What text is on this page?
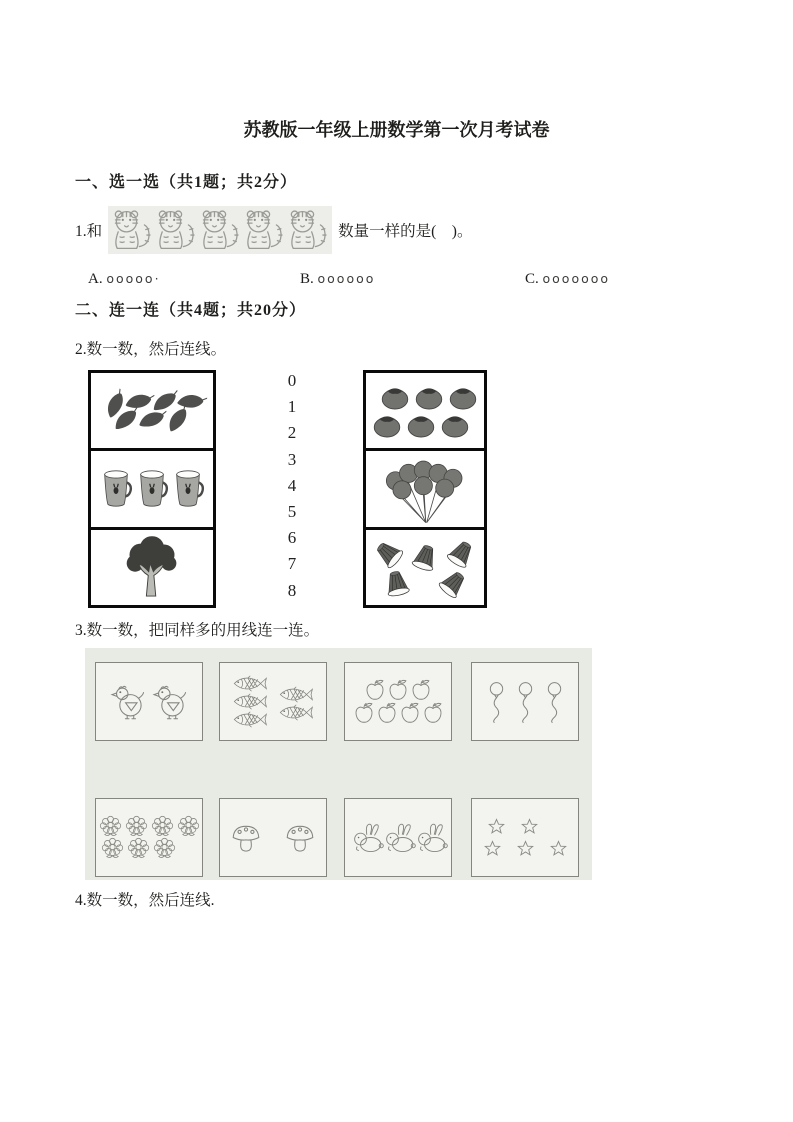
苏教版一年级上册数学第一次月考试卷
一、选一选（共1题；共2分）
1.和	数量一样的是(　)。
A. ooooo·	B. oooooo	C. ooooooo
二、连一连（共4题；共20分）
2.数一数，然后连线。
0
1
2
3
4
5
6
7
8
3.数一数，把同样多的用线连一连。
4.数一数，然后连线.
